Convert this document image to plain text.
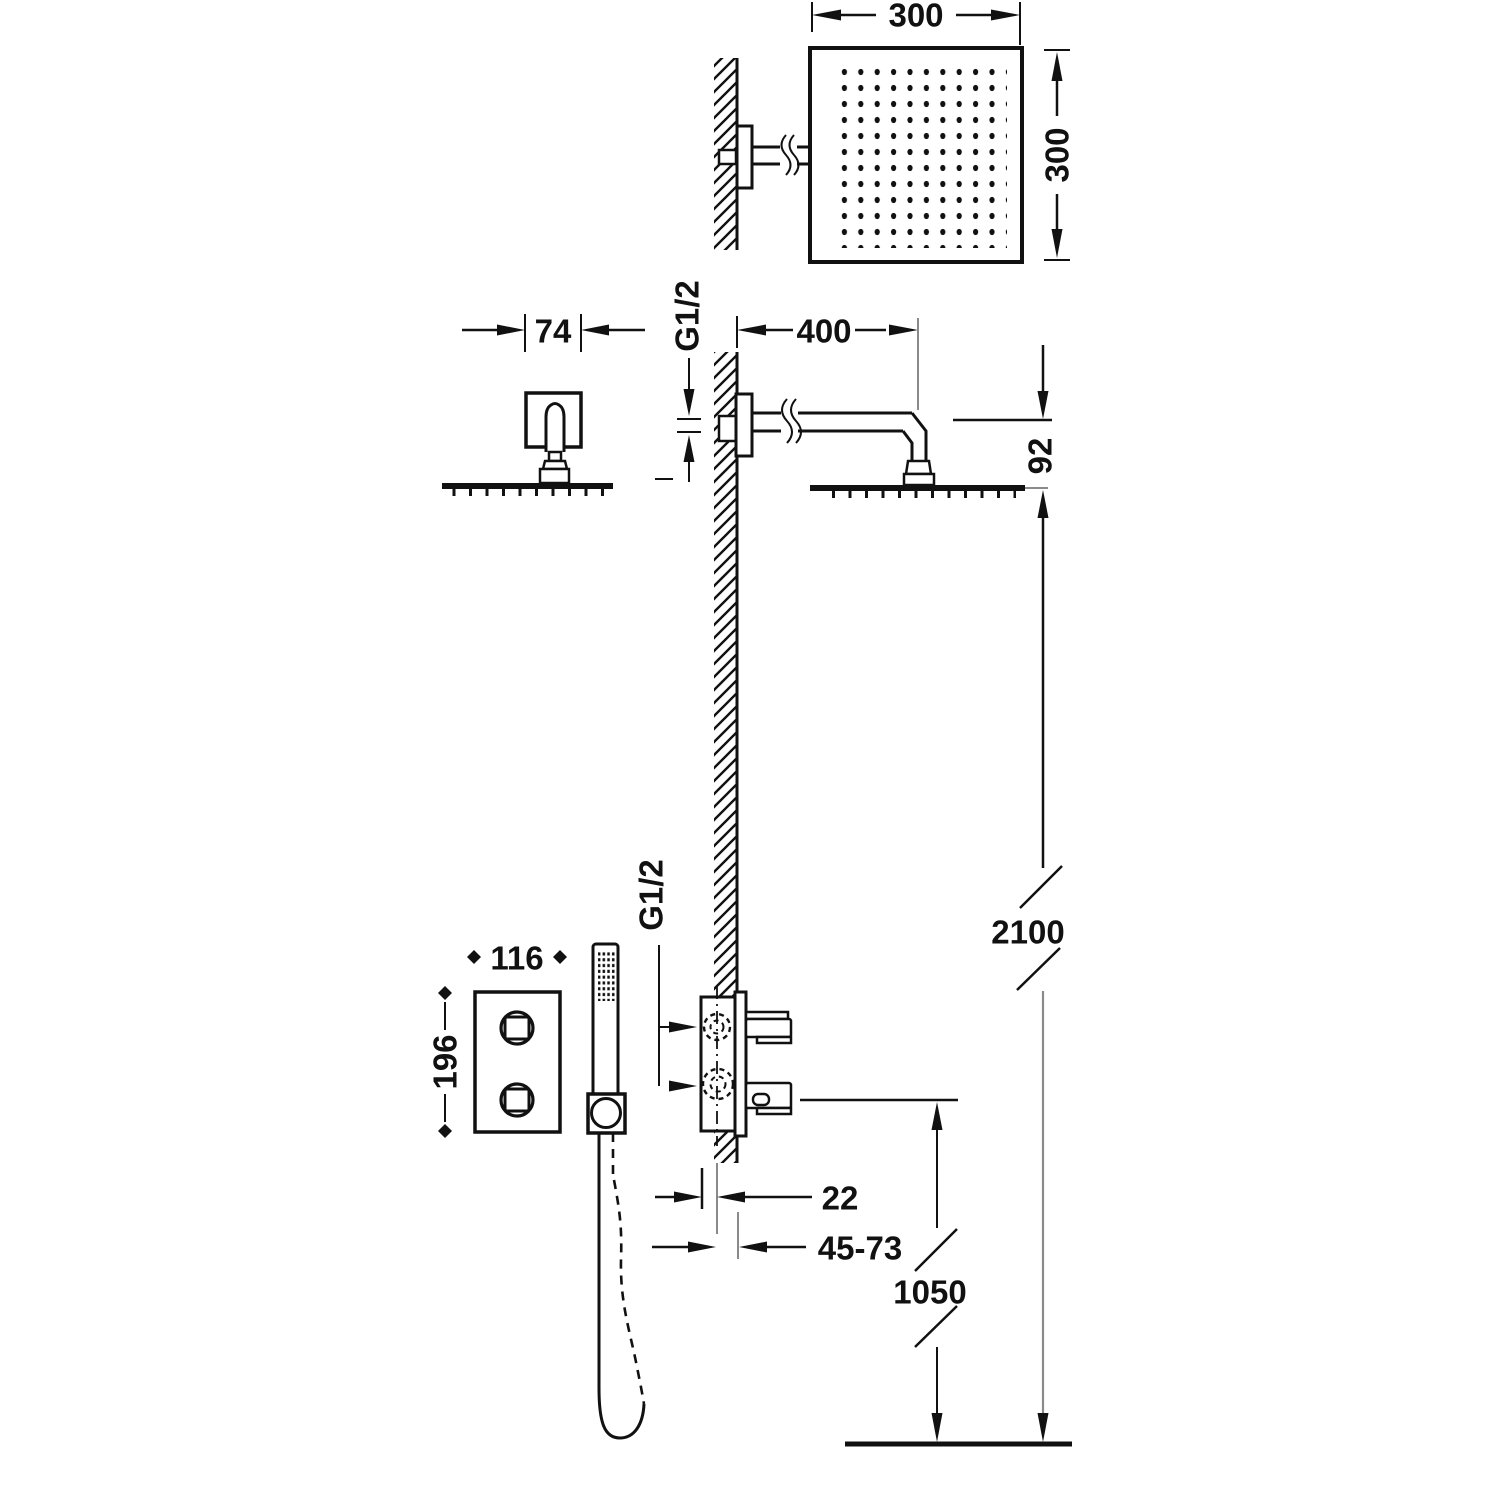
300
300
74	G1/2	400
92
2100
116
196
G1/2
22
45-73
1050
